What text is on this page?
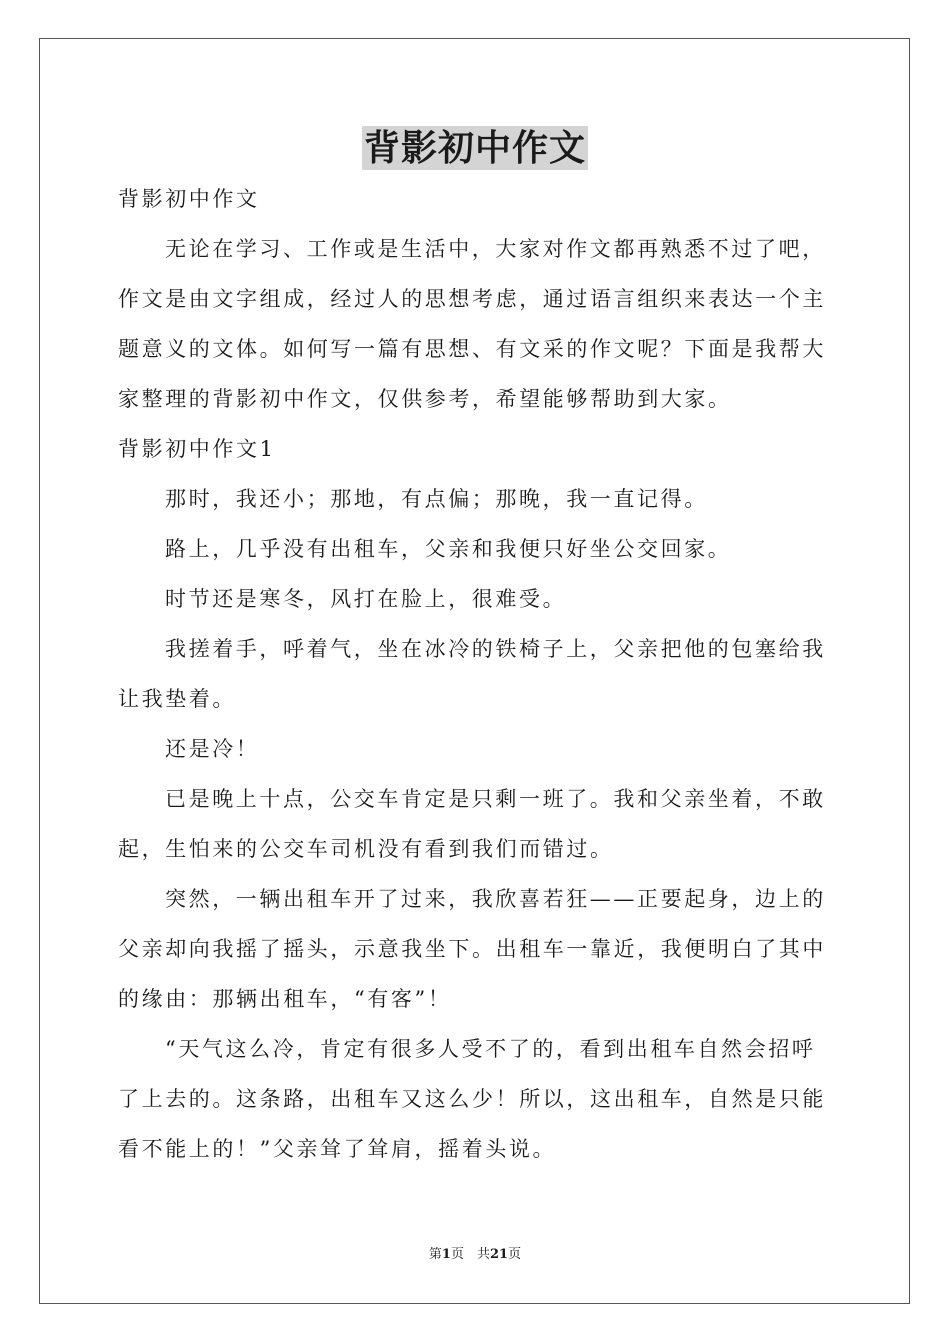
背影初中作文
背影初中作文
无论在学习、工作或是生活中，大家对作文都再熟悉不过了吧，
作文是由文字组成，经过人的思想考虑，通过语言组织来表达一个主
题意义的文体。如何写一篇有思想、有文采的作文呢？下面是我帮大
家整理的背影初中作文，仅供参考，希望能够帮助到大家。
背影初中作文1
那时，我还小；那地，有点偏；那晚，我一直记得。
路上，几乎没有出租车，父亲和我便只好坐公交回家。
时节还是寒冬，风打在脸上，很难受。
我搓着手，呼着气，坐在冰冷的铁椅子上，父亲把他的包塞给我
让我垫着。
还是冷！
已是晚上十点，公交车肯定是只剩一班了。我和父亲坐着，不敢
起，生怕来的公交车司机没有看到我们而错过。
突然，一辆出租车开了过来，我欣喜若狂——正要起身，边上的
父亲却向我摇了摇头，示意我坐下。出租车一靠近，我便明白了其中
的缘由：那辆出租车，“有客”！
“天气这么冷，肯定有很多人受不了的，看到出租车自然会招呼
了上去的。这条路，出租车又这么少！所以，这出租车，自然是只能
看不能上的！”父亲耸了耸肩，摇着头说。
第1页　共21页
